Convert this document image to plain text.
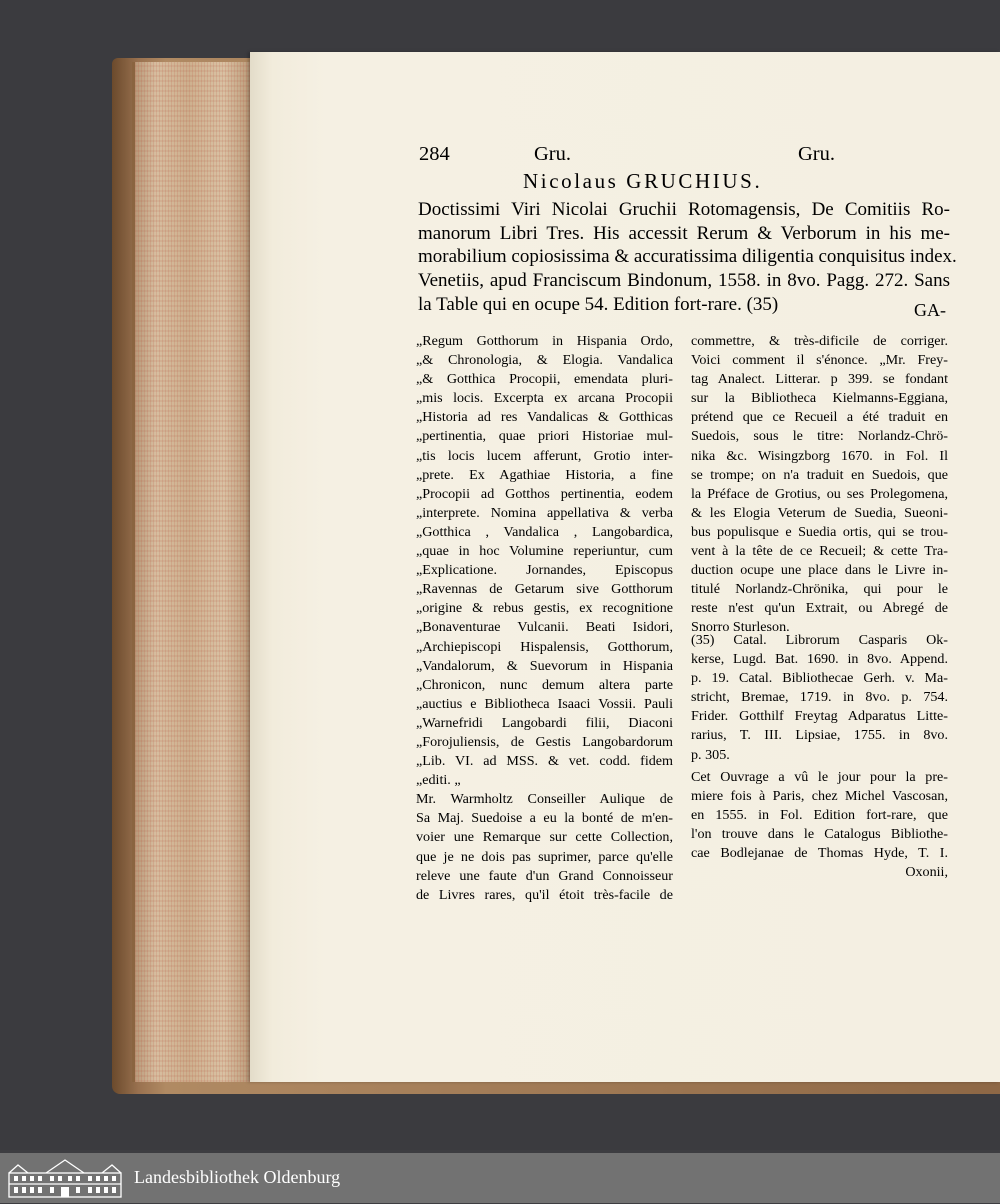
284	Gru.	Gru.
Nicolaus GRUCHIUS.
Doctissimi Viri Nicolai Gruchii Rotomagensis, De Comitiis Ro-
manorum Libri Tres. His accessit Rerum & Verborum in his me-
morabilium copiosissima & accuratissima diligentia conquisitus index.
Venetiis, apud Franciscum Bindonum, 1558. in 8vo. Pagg. 272. Sans
la Table qui en ocupe 54. Edition fort-rare. (35)	GA-
„Regum Gotthorum in Hispania Ordo,
„& Chronologia, & Elogia. Vandalica
„& Gotthica Procopii, emendata pluri-
„mis locis. Excerpta ex arcana Procopii
„Historia ad res Vandalicas & Gotthicas
„pertinentia, quae priori Historiae mul-
„tis locis lucem afferunt, Grotio inter-
„prete. Ex Agathiae Historia, a fine
„Procopii ad Gotthos pertinentia, eodem
„interprete. Nomina appellativa & verba
„Gotthica , Vandalica , Langobardica,
„quae in hoc Volumine reperiuntur, cum
„Explicatione. Jornandes, Episcopus
„Ravennas de Getarum sive Gotthorum
„origine & rebus gestis, ex recognitione
„Bonaventurae Vulcanii. Beati Isidori,
„Archiepiscopi Hispalensis, Gotthorum,
„Vandalorum, & Suevorum in Hispania
„Chronicon, nunc demum altera parte
„auctius e Bibliotheca Isaaci Vossii. Pauli
„Warnefridi Langobardi filii, Diaconi
„Forojuliensis, de Gestis Langobardorum
„Lib. VI. ad MSS. & vet. codd. fidem
„editi. „
Mr. Warmholtz Conseiller Aulique de
Sa Maj. Suedoise a eu la bonté de m'en-
voier une Remarque sur cette Collection,
que je ne dois pas suprimer, parce qu'elle
releve une faute d'un Grand Connoisseur
de Livres rares, qu'il étoit très-facile de
commettre, & très-dificile de corriger.
Voici comment il s'énonce. „Mr. Frey-
tag Analect. Litterar. p 399. se fondant
sur la Bibliotheca Kielmanns-Eggiana,
prétend que ce Recueil a été traduit en
Suedois, sous le titre: Norlandz-Chrö-
nika &c. Wisingzborg 1670. in Fol. Il
se trompe; on n'a traduit en Suedois, que
la Préface de Grotius, ou ses Prolegomena,
& les Elogia Veterum de Suedia, Sueoni-
bus populisque e Suedia ortis, qui se trou-
vent à la tête de ce Recueil; & cette Tra-
duction ocupe une place dans le Livre in-
titulé Norlandz-Chrönika, qui pour le
reste n'est qu'un Extrait, ou Abregé de
Snorro Sturleson.
(35) Catal. Librorum Casparis Ok-
kerse, Lugd. Bat. 1690. in 8vo. Append.
p. 19. Catal. Bibliothecae Gerh. v. Ma-
stricht, Bremae, 1719. in 8vo. p. 754.
Frider. Gotthilf Freytag Adparatus Litte-
rarius, T. III. Lipsiae, 1755. in 8vo.
p. 305.
Cet Ouvrage a vû le jour pour la pre-
miere fois à Paris, chez Michel Vascosan,
en 1555. in Fol. Edition fort-rare, que
l'on trouve dans le Catalogus Bibliothe-
cae Bodlejanae de Thomas Hyde, T. I.
Oxonii,
Landesbibliothek Oldenburg
